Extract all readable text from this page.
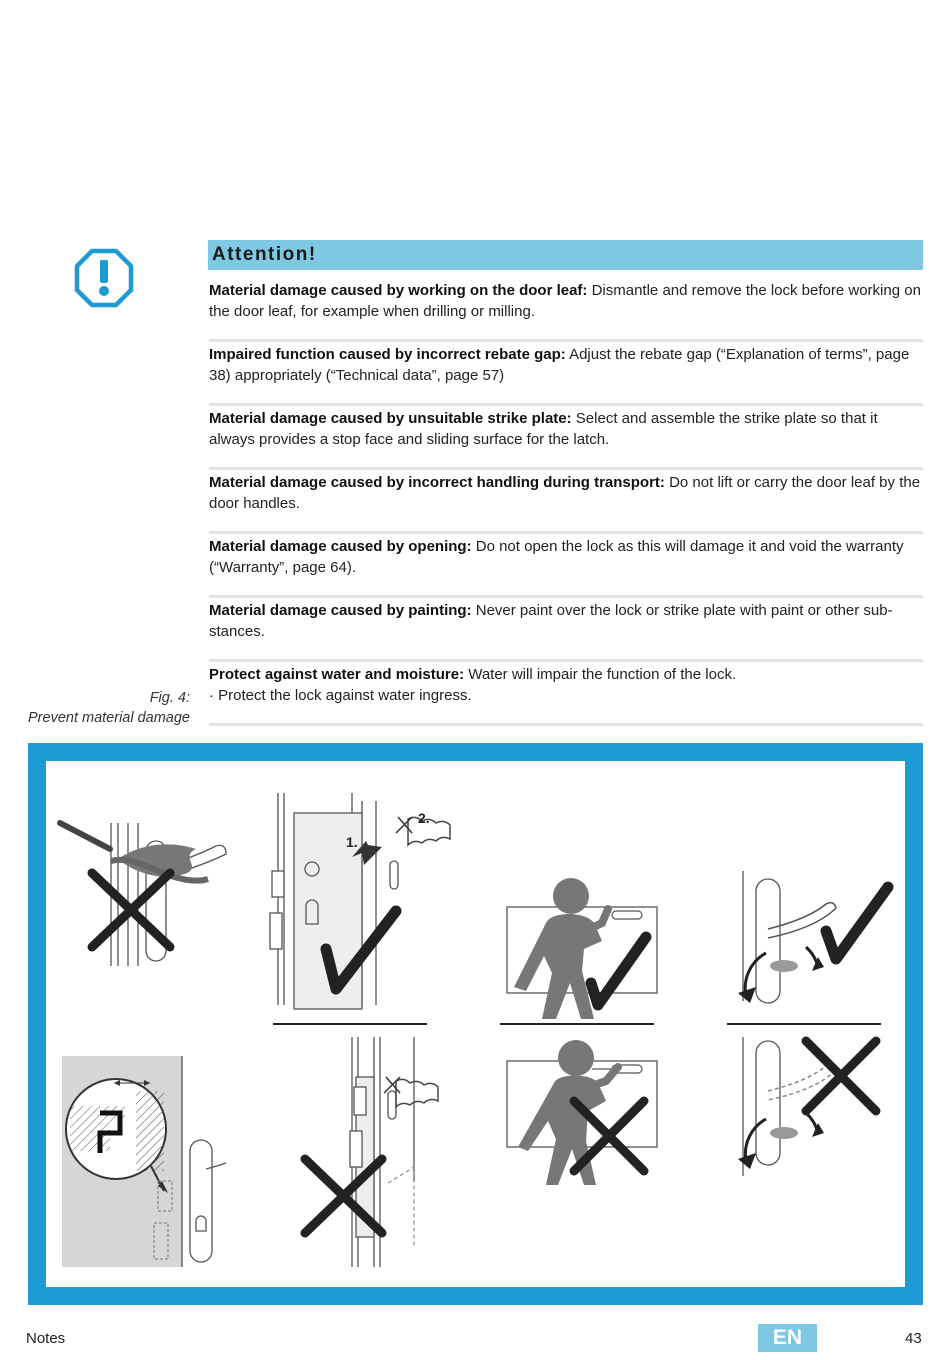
Attention!

Material damage caused by working on the door leaf: Dismantle and remove the lock before working on the door leaf, for example when drilling or milling.

Impaired function caused by incorrect rebate gap: Adjust the rebate gap (“Explanation of terms”, page 38) appropriately (“Technical data”, page 57)

Material damage caused by unsuitable strike plate: Select and assemble the strike plate so that it always provides a stop face and sliding surface for the latch.

Material damage caused by incorrect handling during transport: Do not lift or carry the door leaf by the door handles.

Material damage caused by opening: Do not open the lock as this will damage it and void the warranty (“Warranty”, page 64).

Material damage caused by painting: Never paint over the lock or strike plate with paint or other sub- stances.

Protect against water and moisture: Water will impair the function of the lock.

· Protect the lock against water ingress.

Fig. 4:
Prevent material damage
2.
1.
Notes	EN	43
